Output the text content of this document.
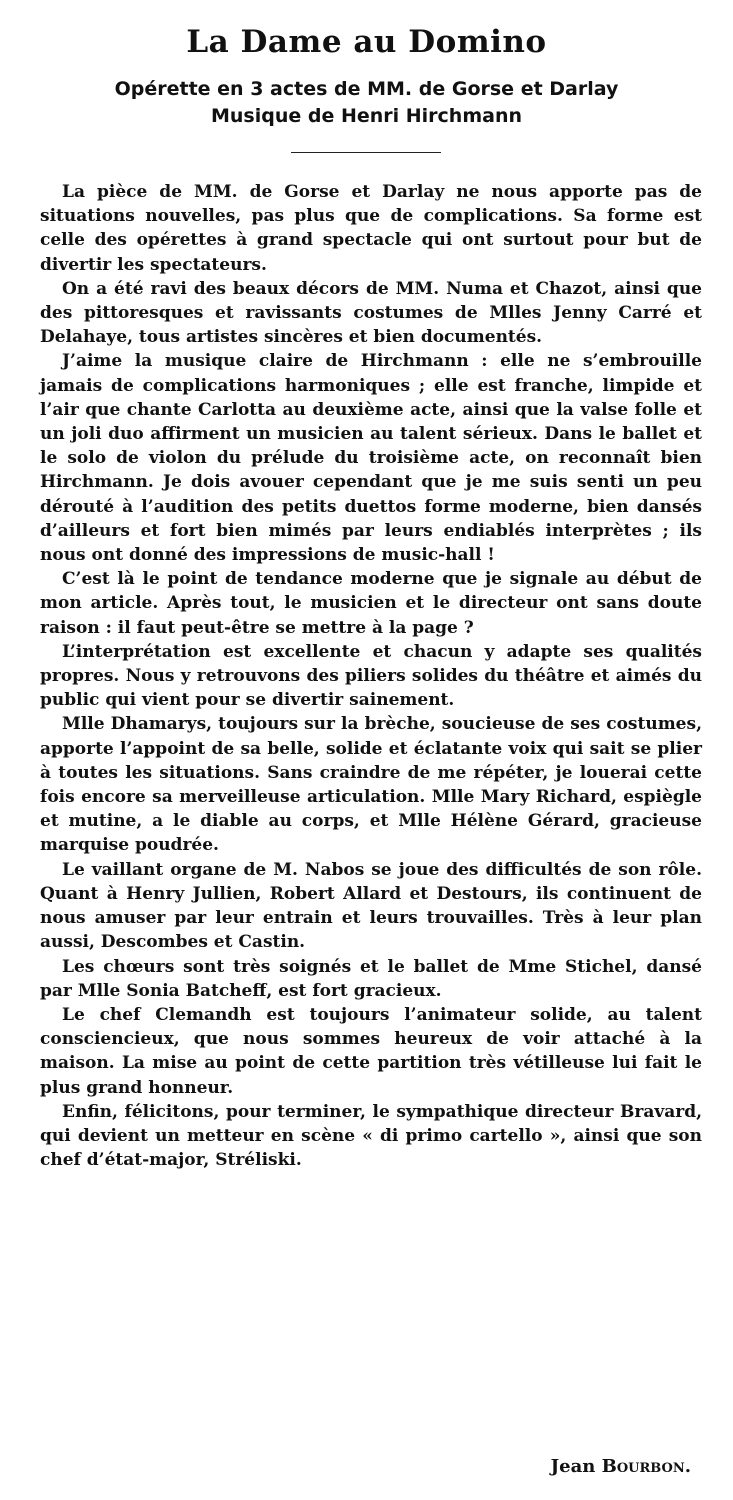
La Dame au Domino
Opérette en 3 actes de MM. de Gorse et Darlay
Musique de Henri Hirchmann

La pièce de MM. de Gorse et Darlay ne nous apporte pas de situations nouvelles, pas plus que de complications. Sa forme est celle des opérettes à grand spectacle qui ont surtout pour but de divertir les spectateurs.

On a été ravi des beaux décors de MM. Numa et Chazot, ainsi que des pittoresques et ravissants costumes de Mlles Jenny Carré et Delahaye, tous artistes sincères et bien documentés.

J’aime la musique claire de Hirchmann : elle ne s’embrouille jamais de complications harmoniques ; elle est franche, limpide et l’air que chante Carlotta au deuxième acte, ainsi que la valse folle et un joli duo affirment un musicien au talent sérieux. Dans le ballet et le solo de violon du prélude du troisième acte, on reconnaît bien Hirchmann. Je dois avouer cependant que je me suis senti un peu dérouté à l’audition des petits duettos forme moderne, bien dansés d’ailleurs et fort bien mimés par leurs endiablés interprètes ; ils nous ont donné des impressions de music-hall !

C’est là le point de tendance moderne que je signale au début de mon article. Après tout, le musicien et le directeur ont sans doute raison : il faut peut-être se mettre à la page ?

L’interprétation est excellente et chacun y adapte ses qualités propres. Nous y retrouvons des piliers solides du théâtre et aimés du public qui vient pour se divertir sainement.

Mlle Dhamarys, toujours sur la brèche, soucieuse de ses costumes, apporte l’appoint de sa belle, solide et éclatante voix qui sait se plier à toutes les situations. Sans craindre de me répéter, je louerai cette fois encore sa merveilleuse articulation. Mlle Mary Richard, espiègle et mutine, a le diable au corps, et Mlle Hélène Gérard, gracieuse marquise poudrée.

Le vaillant organe de M. Nabos se joue des difficultés de son rôle. Quant à Henry Jullien, Robert Allard et Destours, ils continuent de nous amuser par leur entrain et leurs trouvailles. Très à leur plan aussi, Descombes et Castin.

Les chœurs sont très soignés et le ballet de Mme Stichel, dansé par Mlle Sonia Batcheff, est fort gracieux.

Le chef Clemandh est toujours l’animateur solide, au talent consciencieux, que nous sommes heureux de voir attaché à la maison. La mise au point de cette partition très vétilleuse lui fait le plus grand honneur.

Enfin, félicitons, pour terminer, le sympathique directeur Bravard, qui devient un metteur en scène « di primo cartello », ainsi que son chef d’état-major, Stréliski.

Jean Bourbon.
